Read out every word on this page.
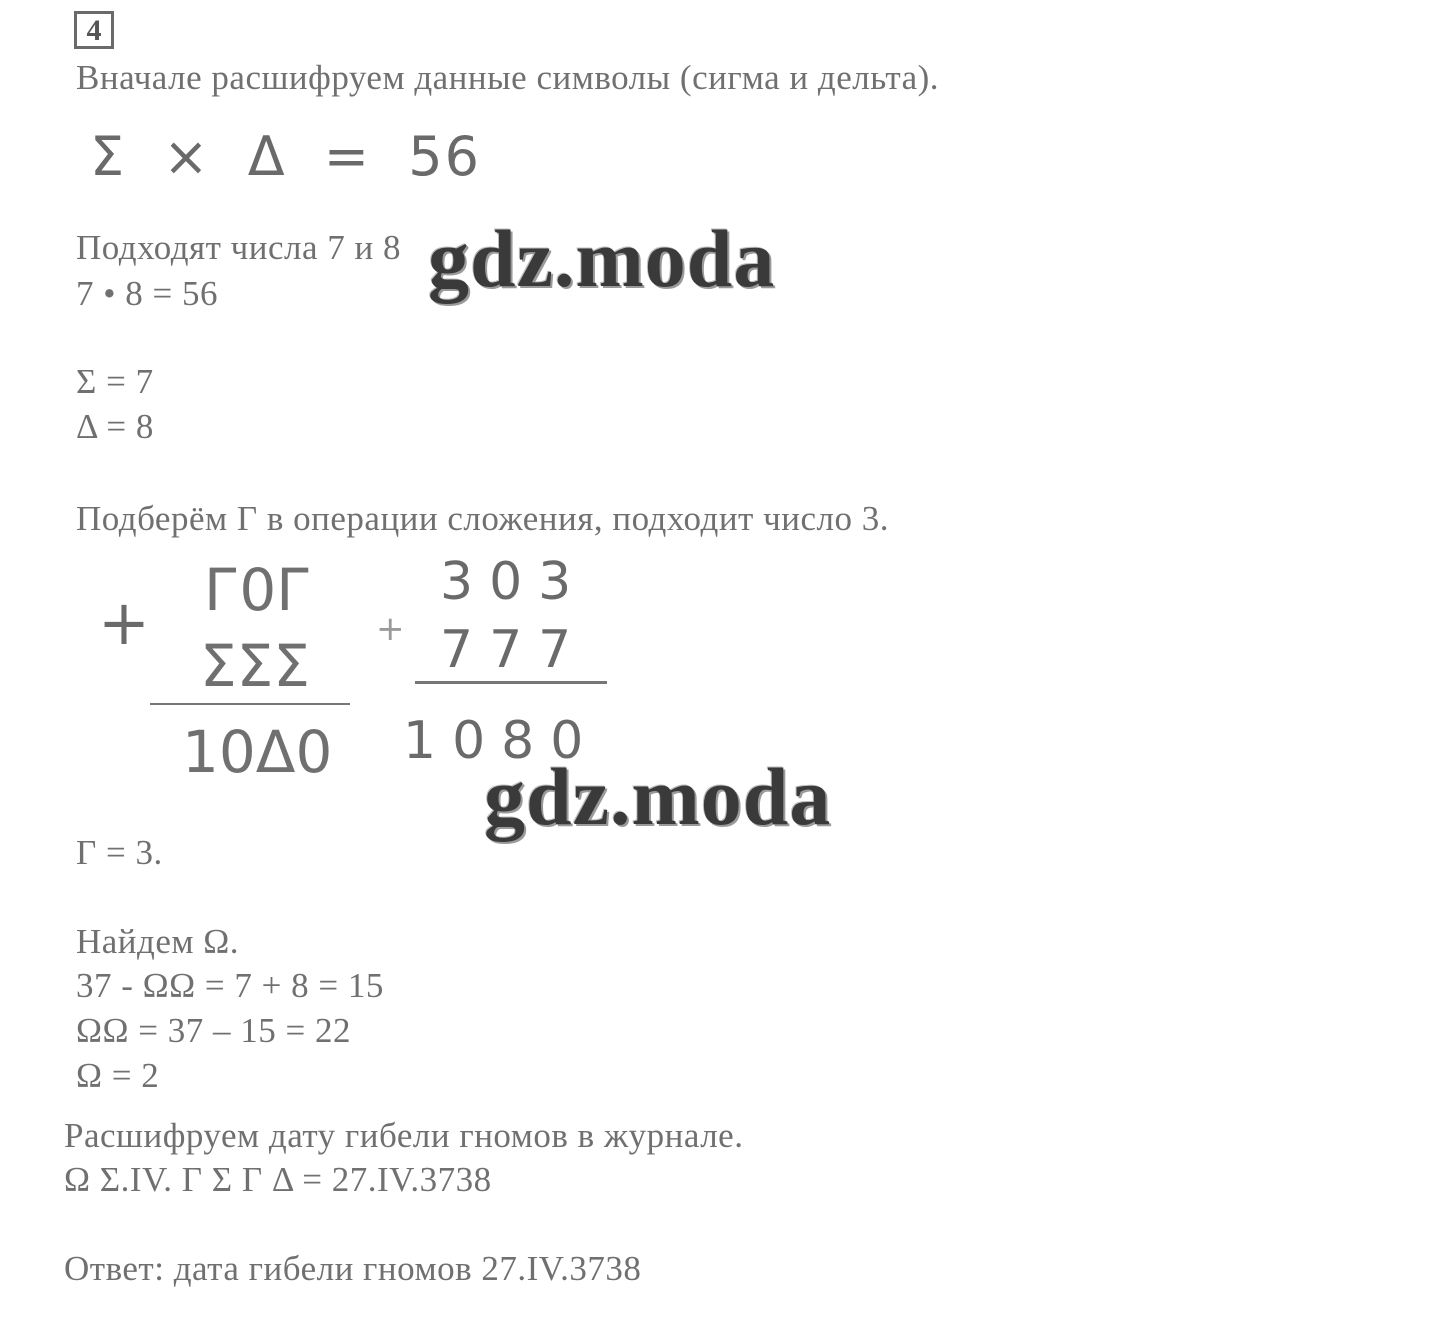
4
Вначале расшифруем данные символы (сигма и дельта).
Σ × Δ = 56
Подходят числа 7 и 8
7 • 8 = 56
Σ = 7
Δ = 8
Подберём Г в операции сложения, подходит число 3.
+ Г0Г
ΣΣΣ
10Δ0
+
303
777
1080
Г = 3.
Найдем Ω.
37 - ΩΩ = 7 + 8 = 15
ΩΩ = 37 – 15 = 22
Ω = 2
Расшифруем дату гибели гномов в журнале.
Ω Σ.IV. Г Σ Г Δ = 27.IV.3738
Ответ: дата гибели гномов 27.IV.3738
gdz.moda
gdz.moda
